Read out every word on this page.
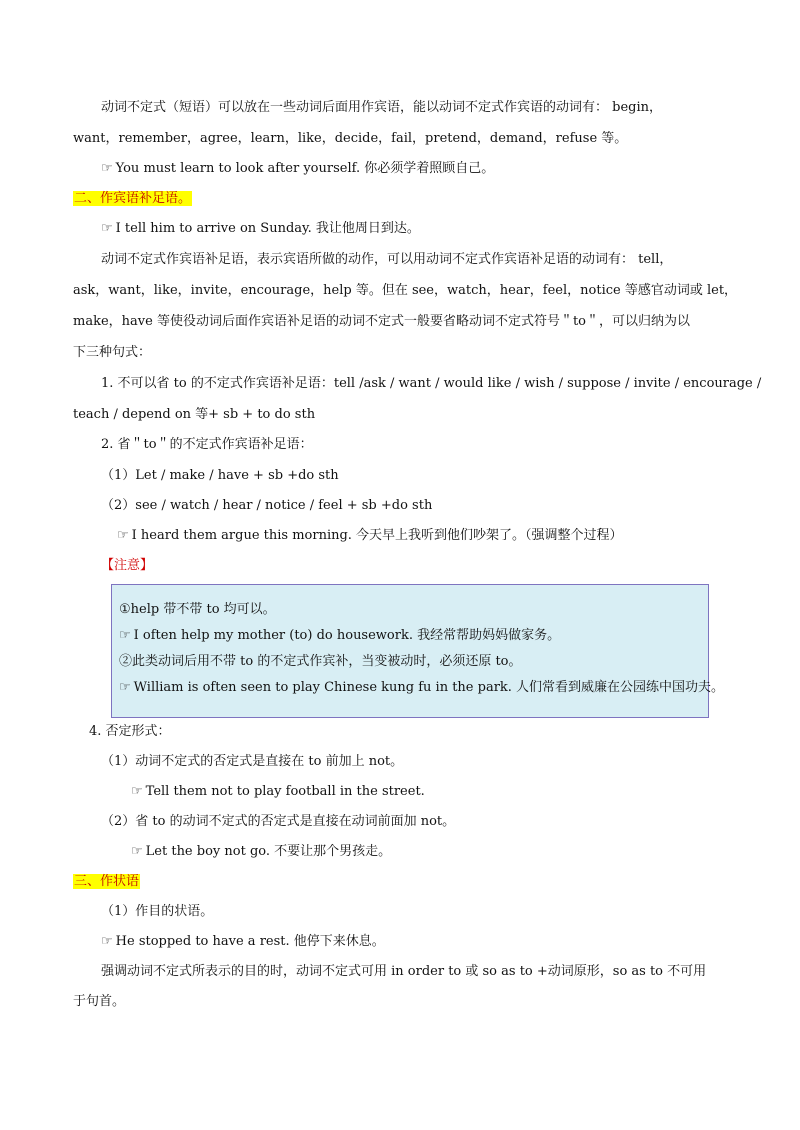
动词不定式（短语）可以放在一些动词后面用作宾语，能以动词不定式作宾语的动词有： begin，
want，remember，agree，learn，like，decide，fail，pretend，demand，refuse 等。
☞ You must learn to look after yourself. 你必须学着照顾自己。
二、作宾语补足语。
☞ I tell him to arrive on Sunday. 我让他周日到达。
动词不定式作宾语补足语，表示宾语所做的动作，可以用动词不定式作宾语补足语的动词有： tell，
ask，want，like，invite，encourage，help 等。但在 see，watch，hear，feel，notice 等感官动词或 let，
make，have 等使役动词后面作宾语补足语的动词不定式一般要省略动词不定式符号＂to＂，可以归纳为以
下三种句式：
1. 不可以省 to 的不定式作宾语补足语：tell /ask / want / would like / wish / suppose / invite / encourage /
teach / depend on 等+ sb + to do sth
2. 省＂to＂的不定式作宾语补足语：
（1）Let / make / have + sb +do sth
（2）see / watch / hear / notice / feel + sb +do sth
☞ I heard them argue this morning. 今天早上我听到他们吵架了。（强调整个过程）
【注意】
①help 带不带 to 均可以。
☞ I often help my mother (to) do housework. 我经常帮助妈妈做家务。
②此类动词后用不带 to 的不定式作宾补，当变被动时，必须还原 to。
☞ William is often seen to play Chinese kung fu in the park. 人们常看到威廉在公园练中国功夫。
4. 否定形式：
（1）动词不定式的否定式是直接在 to 前加上 not。
☞ Tell them not to play football in the street.
（2）省 to 的动词不定式的否定式是直接在动词前面加 not。
☞ Let the boy not go. 不要让那个男孩走。
三、作状语
（1）作目的状语。
☞ He stopped to have a rest. 他停下来休息。
强调动词不定式所表示的目的时，动词不定式可用 in order to 或 so as to +动词原形，so as to 不可用
于句首。
